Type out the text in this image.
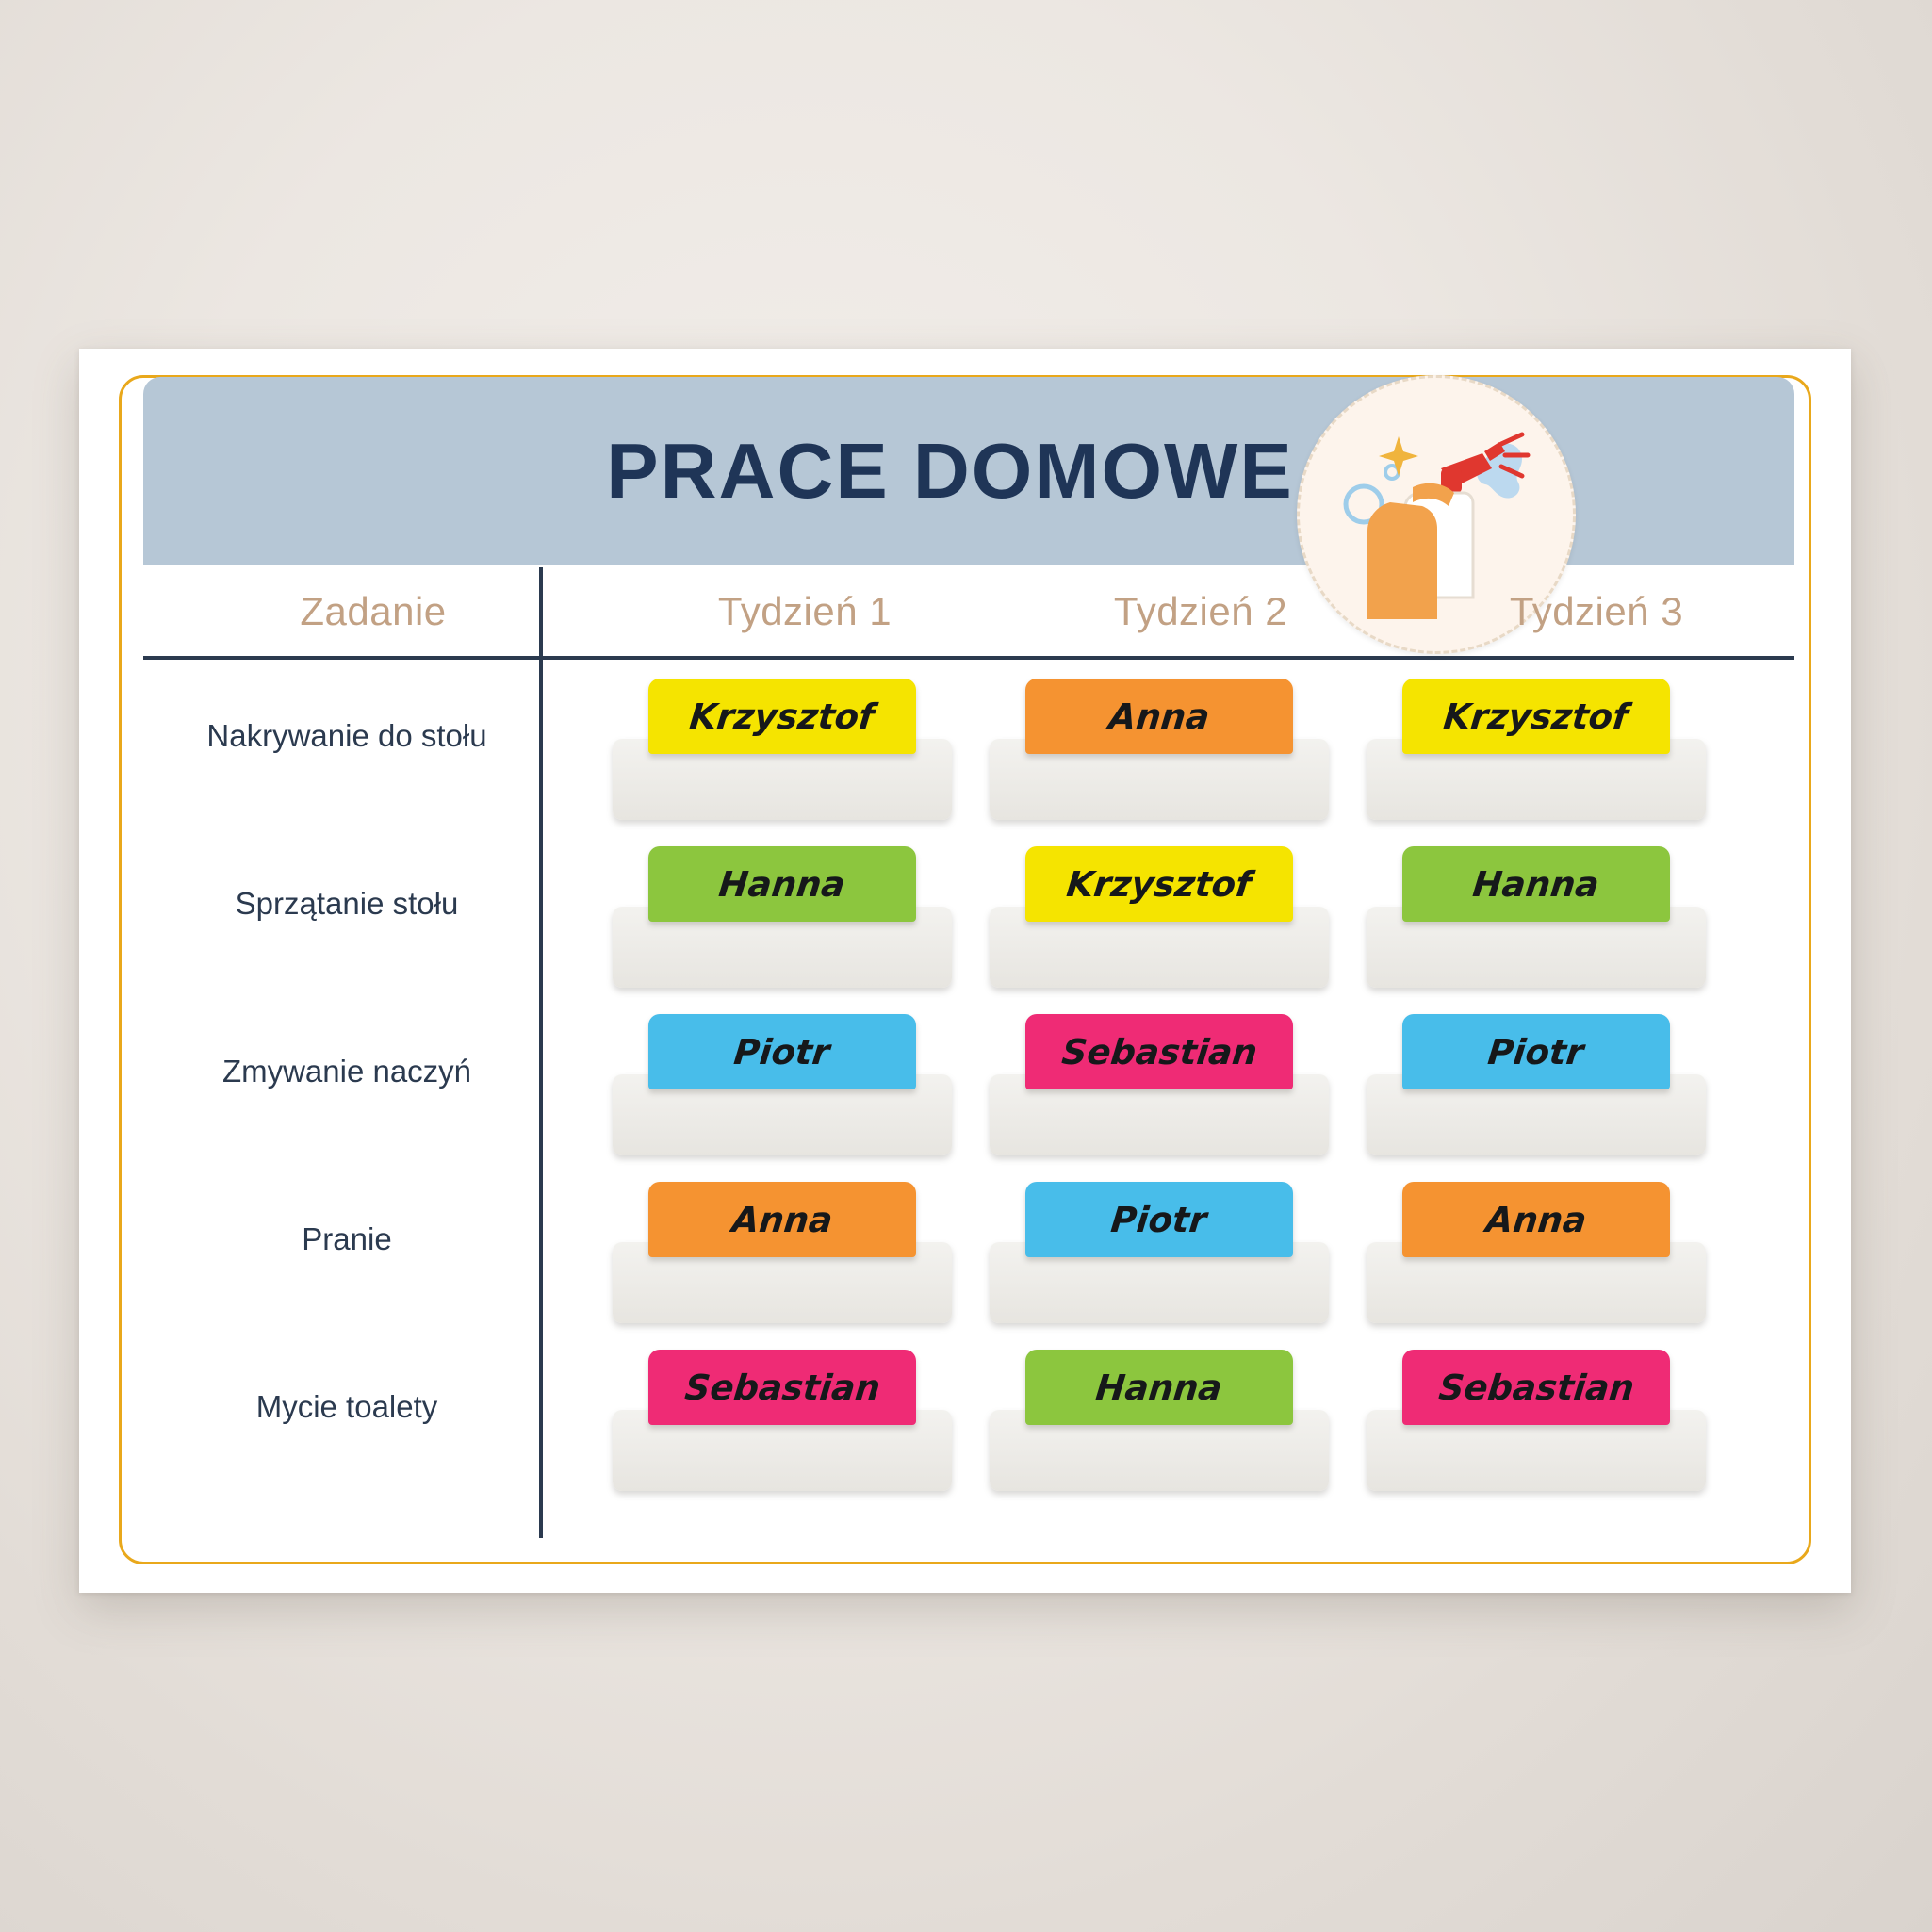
PRACE DOMOWE
Zadanie	Tydzień 1	Tydzień 2	Tydzień 3
Nakrywanie do stołu	Krzysztof	Anna	Krzysztof
Sprzątanie stołu	Hanna	Krzysztof	Hanna
Zmywanie naczyń	Piotr	Sebastian	Piotr
Pranie	Anna	Piotr	Anna
Mycie toalety	Sebastian	Hanna	Sebastian
